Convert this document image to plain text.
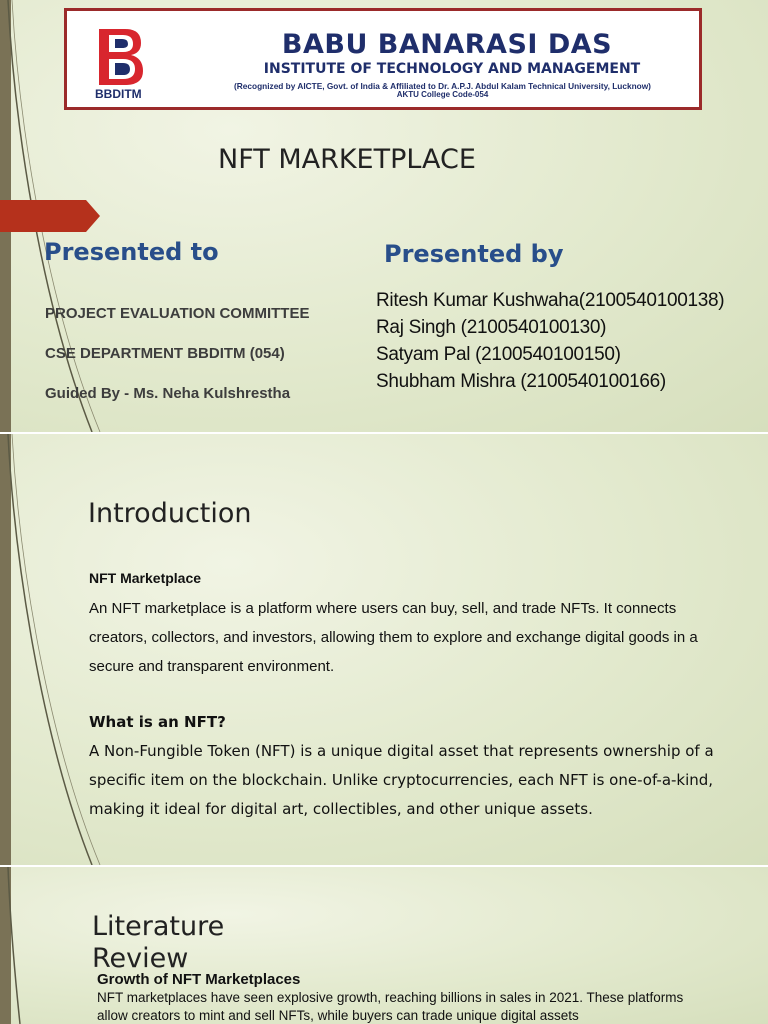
BBDITM
BABU BANARASI DAS
INSTITUTE OF TECHNOLOGY AND MANAGEMENT
(Recognized by AICTE, Govt. of India & Affiliated to Dr. A.P.J. Abdul Kalam Technical University, Lucknow)
AKTU College Code-054
NFT MARKETPLACE
Presented to
PROJECT EVALUATION COMMITTEE
CSE DEPARTMENT BBDITM (054)
Guided By - Ms. Neha Kulshrestha
Presented by
Ritesh Kumar Kushwaha(2100540100138)
Raj Singh (2100540100130)
Satyam Pal (2100540100150)
Shubham Mishra (2100540100166)
Introduction
NFT Marketplace
An NFT marketplace is a platform where users can buy, sell, and trade NFTs. It connects creators, collectors, and investors, allowing them to explore and exchange digital goods in a secure and transparent environment.
What is an NFT?
A Non-Fungible Token (NFT) is a unique digital asset that represents ownership of a specific item on the blockchain. Unlike cryptocurrencies, each NFT is one-of-a-kind, making it ideal for digital art, collectibles, and other unique assets.
Literature Review
Growth of NFT Marketplaces
NFT marketplaces have seen explosive growth, reaching billions in sales in 2021. These platforms allow creators to mint and sell NFTs, while buyers can trade unique digital assets
